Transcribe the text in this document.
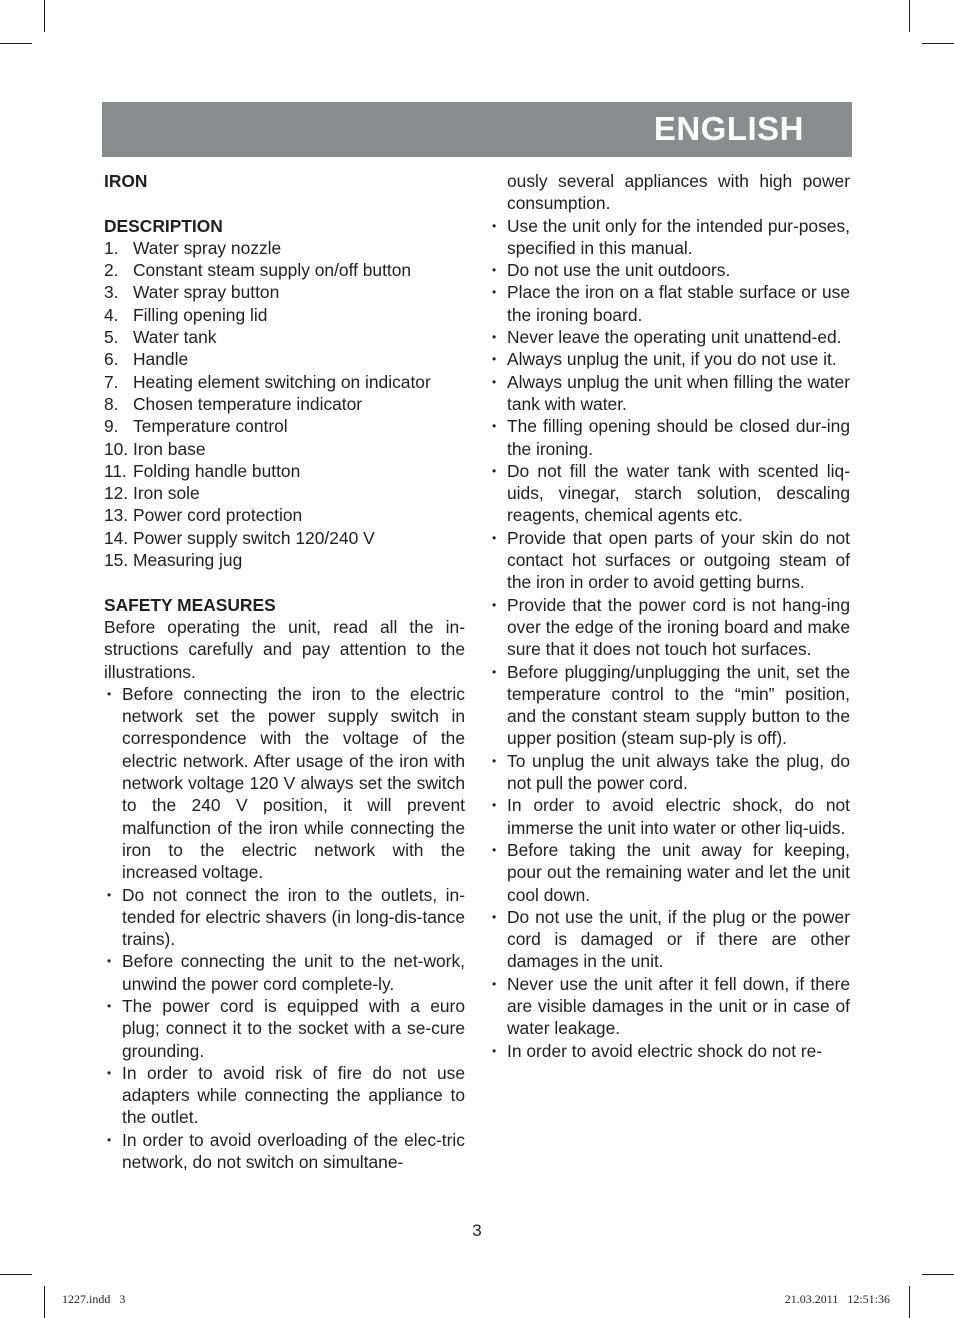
ENGLISH
IRON
DESCRIPTION
1. Water spray nozzle
2. Constant steam supply on/off button
3. Water spray button
4. Filling opening lid
5. Water tank
6. Handle
7. Heating element switching on indicator
8. Chosen temperature indicator
9. Temperature control
10. Iron base
11. Folding handle button
12. Iron sole
13. Power cord protection
14. Power supply switch 120/240 V
15. Measuring jug
SAFETY MEASURES
Before operating the unit, read all the in-structions carefully and pay attention to the illustrations.
• Before connecting the iron to the electric network set the power supply switch in correspondence with the voltage of the electric network. After usage of the iron with network voltage 120 V always set the switch to the 240 V position, it will prevent malfunction of the iron while connecting the iron to the electric network with the increased voltage.
• Do not connect the iron to the outlets, in-tended for electric shavers (in long-dis-tance trains).
• Before connecting the unit to the net-work, unwind the power cord complete-ly.
• The power cord is equipped with a euro plug; connect it to the socket with a se-cure grounding.
• In order to avoid risk of fire do not use adapters while connecting the appliance to the outlet.
• In order to avoid overloading of the elec-tric network, do not switch on simultane-
ously several appliances with high power consumption.
• Use the unit only for the intended pur-poses, specified in this manual.
• Do not use the unit outdoors.
• Place the iron on a flat stable surface or use the ironing board.
• Never leave the operating unit unattend-ed.
• Always unplug the unit, if you do not use it.
• Always unplug the unit when filling the water tank with water.
• The filling opening should be closed dur-ing the ironing.
• Do not fill the water tank with scented liq-uids, vinegar, starch solution, descaling reagents, chemical agents etc.
• Provide that open parts of your skin do not contact hot surfaces or outgoing steam of the iron in order to avoid getting burns.
• Provide that the power cord is not hang-ing over the edge of the ironing board and make sure that it does not touch hot surfaces.
• Before plugging/unplugging the unit, set the temperature control to the “min” position, and the constant steam supply button to the upper position (steam sup-ply is off).
• To unplug the unit always take the plug, do not pull the power cord.
• In order to avoid electric shock, do not immerse the unit into water or other liq-uids.
• Before taking the unit away for keeping, pour out the remaining water and let the unit cool down.
• Do not use the unit, if the plug or the power cord is damaged or if there are other damages in the unit.
• Never use the unit after it fell down, if there are visible damages in the unit or in case of water leakage.
• In order to avoid electric shock do not re-
3
1227.indd   3	21.03.2011   12:51:36
